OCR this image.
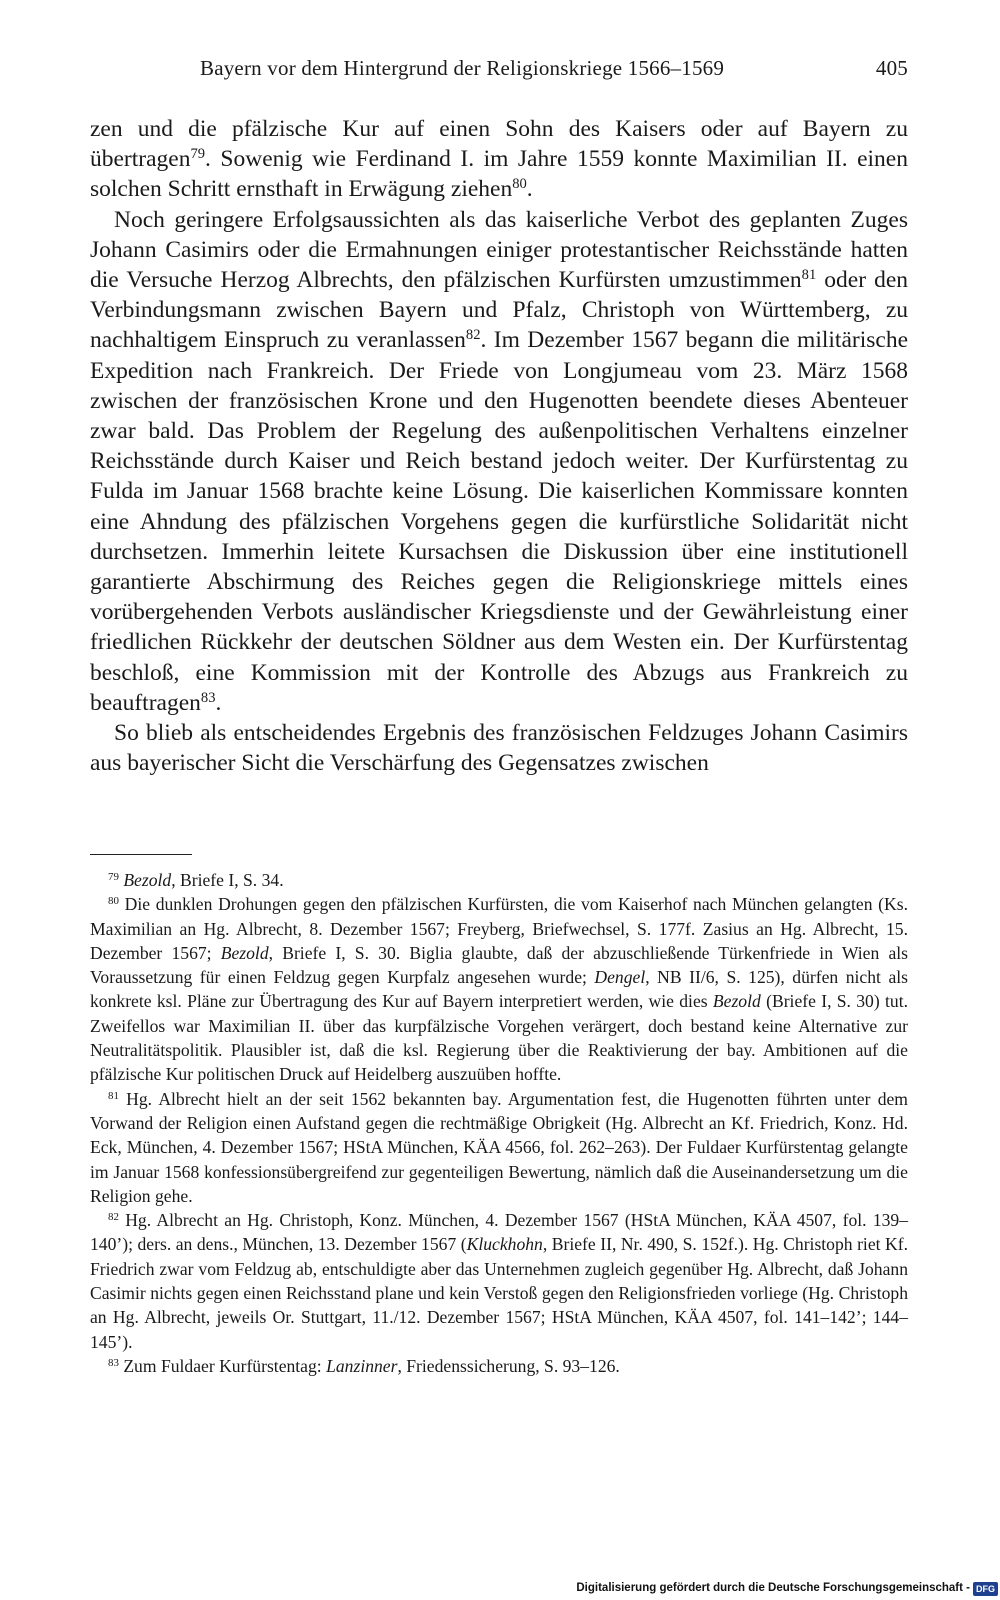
Bayern vor dem Hintergrund der Religionskriege 1566–1569	405

zen und die pfälzische Kur auf einen Sohn des Kaisers oder auf Bayern zu übertragen$^{79}$. Sowenig wie Ferdinand I. im Jahre 1559 konnte Maximilian II. einen solchen Schritt ernsthaft in Erwägung ziehen$^{80}$.

Noch geringere Erfolgsaussichten als das kaiserliche Verbot des geplanten Zuges Johann Casimirs oder die Ermahnungen einiger protestantischer Reichsstände hatten die Versuche Herzog Albrechts, den pfälzischen Kurfürsten umzustimmen$^{81}$ oder den Verbindungsmann zwischen Bayern und Pfalz, Christoph von Württemberg, zu nachhaltigem Einspruch zu veranlassen$^{82}$. Im Dezember 1567 begann die militärische Expedition nach Frankreich. Der Friede von Longjumeau vom 23. März 1568 zwischen der französischen Krone und den Hugenotten beendete dieses Abenteuer zwar bald. Das Problem der Regelung des außenpolitischen Verhaltens einzelner Reichsstände durch Kaiser und Reich bestand jedoch weiter. Der Kurfürstentag zu Fulda im Januar 1568 brachte keine Lösung. Die kaiserlichen Kommissare konnten eine Ahndung des pfälzischen Vorgehens gegen die kurfürstliche Solidarität nicht durchsetzen. Immerhin leitete Kursachsen die Diskussion über eine institutionell garantierte Abschirmung des Reiches gegen die Religionskriege mittels eines vorübergehenden Verbots ausländischer Kriegsdienste und der Gewährleistung einer friedlichen Rückkehr der deutschen Söldner aus dem Westen ein. Der Kurfürstentag beschloß, eine Kommission mit der Kontrolle des Abzugs aus Frankreich zu beauftragen$^{83}$.

So blieb als entscheidendes Ergebnis des französischen Feldzuges Johann Casimirs aus bayerischer Sicht die Verschärfung des Gegensatzes zwischen

$^{79}$ Bezold, Briefe I, S. 34.

$^{80}$ Die dunklen Drohungen gegen den pfälzischen Kurfürsten, die vom Kaiserhof nach München gelangten (Ks. Maximilian an Hg. Albrecht, 8. Dezember 1567; Freyberg, Briefwechsel, S. 177f. Zasius an Hg. Albrecht, 15. Dezember 1567; Bezold, Briefe I, S. 30. Biglia glaubte, daß der abzuschließende Türkenfriede in Wien als Voraussetzung für einen Feldzug gegen Kurpfalz angesehen wurde; Dengel, NB II/6, S. 125), dürfen nicht als konkrete ksl. Pläne zur Übertragung des Kur auf Bayern interpretiert werden, wie dies Bezold (Briefe I, S. 30) tut. Zweifellos war Maximilian II. über das kurpfälzische Vorgehen verärgert, doch bestand keine Alternative zur Neutralitätspolitik. Plausibler ist, daß die ksl. Regierung über die Reaktivierung der bay. Ambitionen auf die pfälzische Kur politischen Druck auf Heidelberg auszuüben hoffte.

$^{81}$ Hg. Albrecht hielt an der seit 1562 bekannten bay. Argumentation fest, die Hugenotten führten unter dem Vorwand der Religion einen Aufstand gegen die rechtmäßige Obrigkeit (Hg. Albrecht an Kf. Friedrich, Konz. Hd. Eck, München, 4. Dezember 1567; HStA München, KÄA 4566, fol. 262–263). Der Fuldaer Kurfürstentag gelangte im Januar 1568 konfessionsübergreifend zur gegenteiligen Bewertung, nämlich daß die Auseinandersetzung um die Religion gehe.

$^{82}$ Hg. Albrecht an Hg. Christoph, Konz. München, 4. Dezember 1567 (HStA München, KÄA 4507, fol. 139–140’); ders. an dens., München, 13. Dezember 1567 (Kluckhohn, Briefe II, Nr. 490, S. 152f.). Hg. Christoph riet Kf. Friedrich zwar vom Feldzug ab, entschuldigte aber das Unternehmen zugleich gegenüber Hg. Albrecht, daß Johann Casimir nichts gegen einen Reichsstand plane und kein Verstoß gegen den Religionsfrieden vorliege (Hg. Christoph an Hg. Albrecht, jeweils Or. Stuttgart, 11./12. Dezember 1567; HStA München, KÄA 4507, fol. 141–142’; 144–145’).

$^{83}$ Zum Fuldaer Kurfürstentag: Lanzinner, Friedenssicherung, S. 93–126.

Digitalisierung gefördert durch die Deutsche Forschungsgemeinschaft - DFG
